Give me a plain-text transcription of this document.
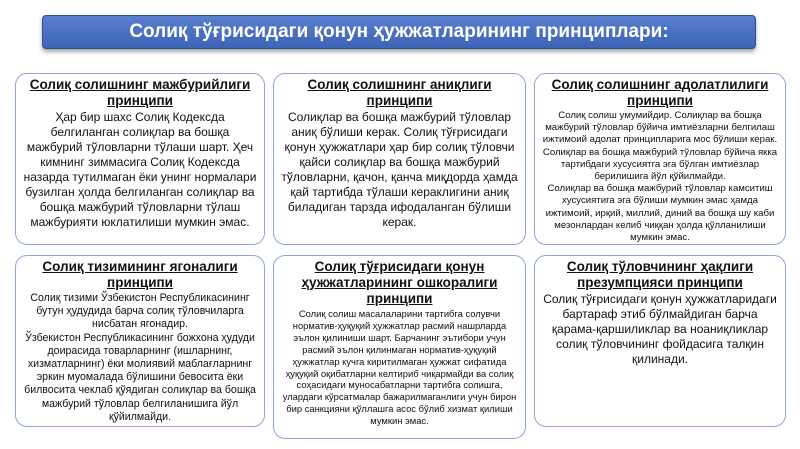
Солиқ тўғрисидаги қонун ҳужжатларининг принциплари:
Солиқ солишнинг мажбурийлиги принципи

Ҳар бир шахс Солиқ Кодексда белгиланган солиқлар ва бошқа мажбурий тўловларни тўлаши шарт. Ҳеч кимнинг зиммасига Солиқ Кодексда назарда тутилмаган ёки унинг нормалари бузилган ҳолда белгиланган солиқлар ва бошқа мажбурий тўловларни тўлаш мажбурияти юклатилиши мумкин эмас.

Солиқ солишнинг аниқлиги принципи

Солиқлар ва бошқа мажбурий тўловлар аниқ бўлиши керак. Солиқ тўғрисидаги қонун ҳужжатлари ҳар бир солиқ тўловчи қайси солиқлар ва бошқа мажбурий тўловларни, қачон, қанча миқдорда ҳамда қай тартибда тўлаши кераклигини аниқ биладиган тарзда ифодаланган бўлиши керак.

Солиқ солишнинг адолатлилиги принципи

Солиқ солиш умумийдир. Солиқлар ва бошқа мажбурий тўловлар бўйича имтиёзларни белгилаш ижтимоий адолат принципларига мос бўлиши керак. Солиқлар ва бошқа мажбурий тўловлар бўйича якка тартибдаги хусусиятга эга бўлган имтиёзлар берилишига йўл қўйилмайди.

Солиқлар ва бошқа мажбурий тўловлар камситиш хусусиятига эга бўлиши мумкин эмас ҳамда ижтимоий, ирқий, миллий, диний ва бошқа шу каби мезонлардан келиб чиққан ҳолда қўлланилиши мумкин эмас.

Солиқ тизимининг ягоналиги принципи

Солиқ тизими Ўзбекистон Республикасининг бутун ҳудудида барча солиқ тўловчиларга нисбатан ягонадир.

Ўзбекистон Республикасининг божхона ҳудуди доирасида товарларнинг (ишларнинг, хизматларнинг) ёки молиявий маблағларнинг эркин муомалада бўлишини бевосита ёки билвосита чеклаб қўядиган солиқлар ва бошқа мажбурий тўловлар белгиланишига йўл қўйилмайди.

Солиқ тўғрисидаги қонун ҳужжатларининг ошкоралиги принципи

Солиқ солиш масалаларини тартибга солувчи норматив-ҳуқуқий ҳужжатлар расмий нашрларда эълон қилиниши шарт. Барчанинг эътибори учун расмий эълон қилинмаган норматив-ҳуқуқий ҳужжатлар кучга киритилмаган ҳужжат сифатида ҳуқуқий оқибатларни келтириб чиқармайди ва солиқ соҳасидаги муносабатларни тартибга солишга, улардаги кўрсатмалар бажарилмаганлиги учун бирон бир санкцияни қўллашга асос бўлиб хизмат қилиши мумкин эмас.

Солиқ тўловчининг ҳақлиги презумпцияси принципи

Солиқ тўғрисидаги қонун ҳужжатларидаги бартараф этиб бўлмайдиган барча қарама-қаршиликлар ва ноаниқликлар солиқ тўловчининг фойдасига талқин қилинади.
